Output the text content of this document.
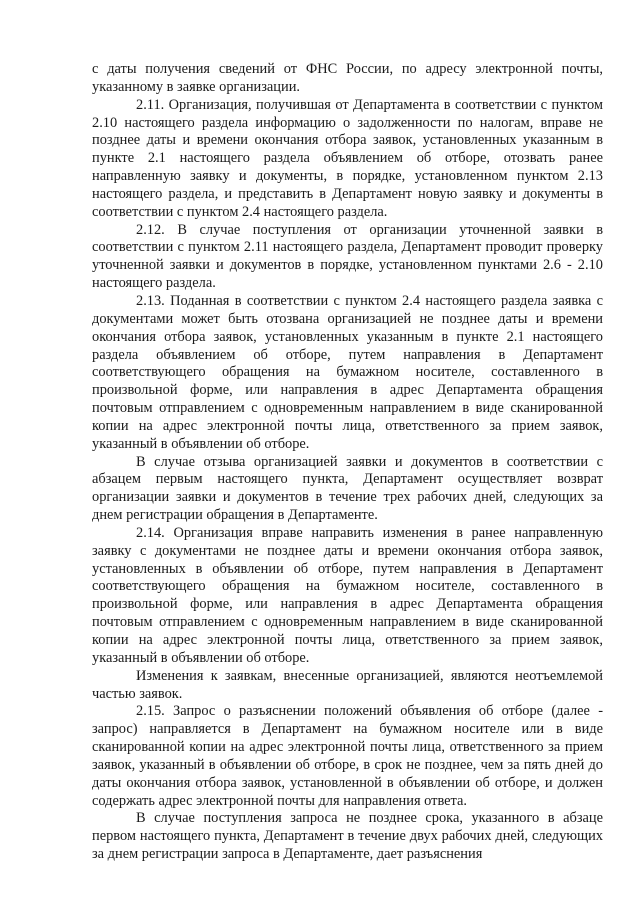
с даты получения сведений от ФНС России, по адресу электронной почты, указанному в заявке организации.

2.11. Организация, получившая от Департамента в соответствии с пунктом 2.10 настоящего раздела информацию о задолженности по налогам, вправе не позднее даты и времени окончания отбора заявок, установленных указанным в пункте 2.1 настоящего раздела объявлением об отборе, отозвать ранее направленную заявку и документы, в порядке, установленном пунктом 2.13 настоящего раздела, и представить в Департамент новую заявку и документы в соответствии с пунктом 2.4 настоящего раздела.

2.12. В случае поступления от организации уточненной заявки в соответствии с пунктом 2.11 настоящего раздела, Департамент проводит проверку уточненной заявки и документов в порядке, установленном пунктами 2.6 - 2.10 настоящего раздела.

2.13. Поданная в соответствии с пунктом 2.4 настоящего раздела заявка с документами может быть отозвана организацией не позднее даты и времени окончания отбора заявок, установленных указанным в пункте 2.1 настоящего раздела объявлением об отборе, путем направления в Департамент соответствующего обращения на бумажном носителе, составленного в произвольной форме, или направления в адрес Департамента обращения почтовым отправлением с одновременным направлением в виде сканированной копии на адрес электронной почты лица, ответственного за прием заявок, указанный в объявлении об отборе.

В случае отзыва организацией заявки и документов в соответствии с абзацем первым настоящего пункта, Департамент осуществляет возврат организации заявки и документов в течение трех рабочих дней, следующих за днем регистрации обращения в Департаменте.

2.14. Организация вправе направить изменения в ранее направленную заявку с документами не позднее даты и времени окончания отбора заявок, установленных в объявлении об отборе, путем направления в Департамент соответствующего обращения на бумажном носителе, составленного в произвольной форме, или направления в адрес Департамента обращения почтовым отправлением с одновременным направлением в виде сканированной копии на адрес электронной почты лица, ответственного за прием заявок, указанный в объявлении об отборе.

Изменения к заявкам, внесенные организацией, являются неотъемлемой частью заявок.

2.15. Запрос о разъяснении положений объявления об отборе (далее - запрос) направляется в Департамент на бумажном носителе или в виде сканированной копии на адрес электронной почты лица, ответственного за прием заявок, указанный в объявлении об отборе, в срок не позднее, чем за пять дней до даты окончания отбора заявок, установленной в объявлении об отборе, и должен содержать адрес электронной почты для направления ответа.

В случае поступления запроса не позднее срока, указанного в абзаце первом настоящего пункта, Департамент в течение двух рабочих дней, следующих за днем регистрации запроса в Департаменте, дает разъяснения
